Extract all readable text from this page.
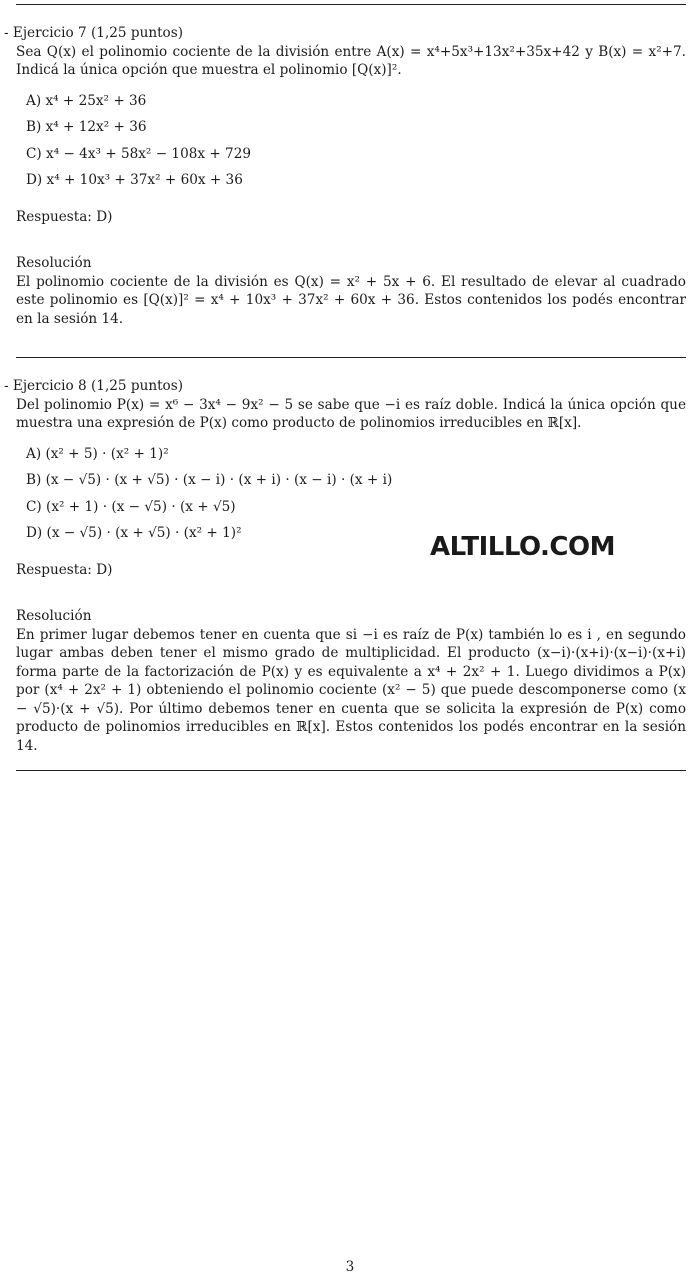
- Ejercicio 7 (1,25 puntos)

Sea Q(x) el polinomio cociente de la división entre A(x) = x⁴+5x³+13x²+35x+42 y B(x) = x²+7. Indicá la única opción que muestra el polinomio [Q(x)]².

A) x⁴ + 25x² + 36
B) x⁴ + 12x² + 36
C) x⁴ − 4x³ + 58x² − 108x + 729
D) x⁴ + 10x³ + 37x² + 60x + 36

Respuesta: D)

Resolución

El polinomio cociente de la división es Q(x) = x² + 5x + 6. El resultado de elevar al cuadrado este polinomio es [Q(x)]² = x⁴ + 10x³ + 37x² + 60x + 36. Estos contenidos los podés encontrar en la sesión 14.

- Ejercicio 8 (1,25 puntos)

Del polinomio P(x) = x⁶ − 3x⁴ − 9x² − 5 se sabe que −i es raíz doble. Indicá la única opción que muestra una expresión de P(x) como producto de polinomios irreducibles en ℝ[x].

A) (x² + 5) · (x² + 1)²
B) (x − √5) · (x + √5) · (x − i) · (x + i) · (x − i) · (x + i)
C) (x² + 1) · (x − √5) · (x + √5)
D) (x − √5) · (x + √5) · (x² + 1)²

Respuesta: D)

Resolución

En primer lugar debemos tener en cuenta que si −i es raíz de P(x) también lo es i , en segundo lugar ambas deben tener el mismo grado de multiplicidad. El producto (x−i)·(x+i)·(x−i)·(x+i) forma parte de la factorización de P(x) y es equivalente a x⁴ + 2x² + 1. Luego dividimos a P(x) por (x⁴ + 2x² + 1) obteniendo el polinomio cociente (x² − 5) que puede descomponerse como (x − √5)·(x + √5). Por último debemos tener en cuenta que se solicita la expresión de P(x) como producto de polinomios irreducibles en ℝ[x]. Estos contenidos los podés encontrar en la sesión 14.

ALTILLO.COM
3
